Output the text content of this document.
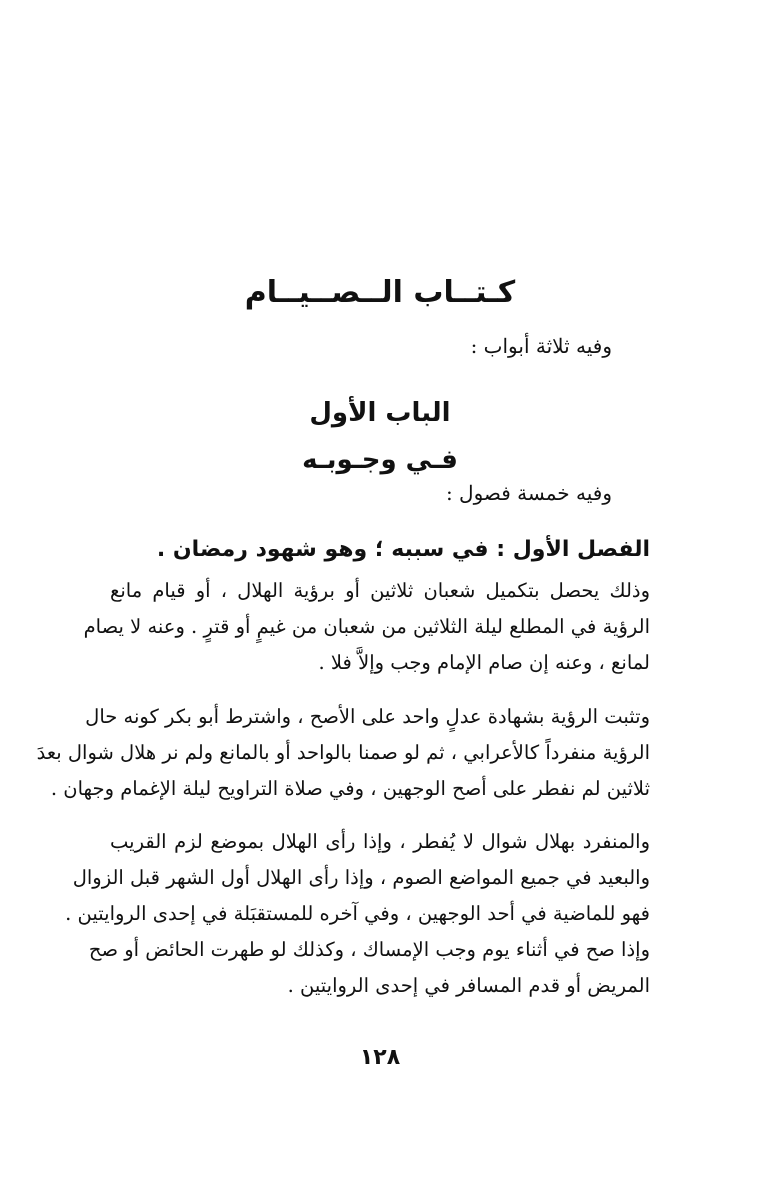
كـتــاب الــصــيــام
وفيه ثلاثة أبواب :
الباب الأول
فـي وجـوبـه
وفيه خمسة فصول :
الفصل الأول : في سببه ؛ وهو شهود رمضان .
وذلك يحصل بتكميل شعبان ثلاثين أو برؤية الهلال ، أو قيام مانع
الرؤية في المطلع ليلة الثلاثين من شعبان من غيمٍ أو قترٍ . وعنه لا يصام
لمانع ، وعنه إن صام الإمام وجب وإلاَّ فلا .
وتثبت الرؤية بشهادة عدلٍ واحد على الأصح ، واشترط أبو بكر كونه حال
الرؤية منفرداً كالأعرابي ، ثم لو صمنا بالواحد أو بالمانع ولم نر هلال شوال بعدَ
ثلاثين لم نفطر على أصح الوجهين ، وفي صلاة التراويح ليلة الإغمام وجهان .
والمنفرد بهلال شوال لا يُفطر ، وإذا رأى الهلال بموضع لزم القريب
والبعيد في جميع المواضع الصوم ، وإذا رأى الهلال أول الشهر قبل الزوال
فهو للماضية في أحد الوجهين ، وفي آخره للمستقبَلة في إحدى الروايتين .
وإذا صح في أثناء يوم وجب الإمساك ، وكذلك لو طهرت الحائض أو صح
المريض أو قدم المسافر في إحدى الروايتين .
١٢٨
